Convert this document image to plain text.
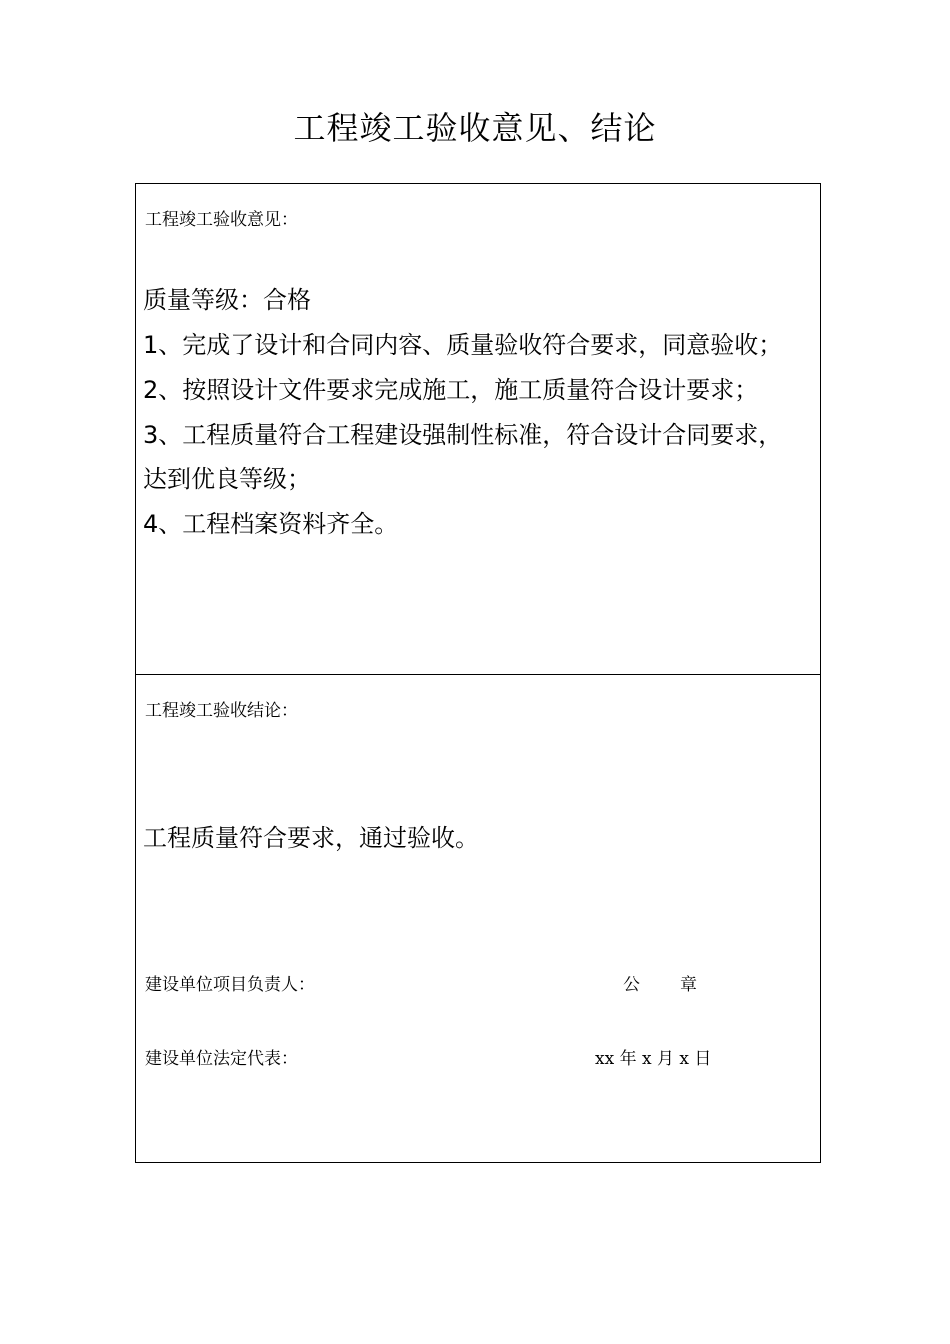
工程竣工验收意见、结论
工程竣工验收意见：
质量等级：合格
1、完成了设计和合同内容、质量验收符合要求，同意验收；
2、按照设计文件要求完成施工，施工质量符合设计要求；
3、工程质量符合工程建设强制性标准，符合设计合同要求，
达到优良等级；
4、工程档案资料齐全。
工程竣工验收结论：
工程质量符合要求，通过验收。
建设单位项目负责人：	公 章
建设单位法定代表：	xx 年 x 月 x 日
